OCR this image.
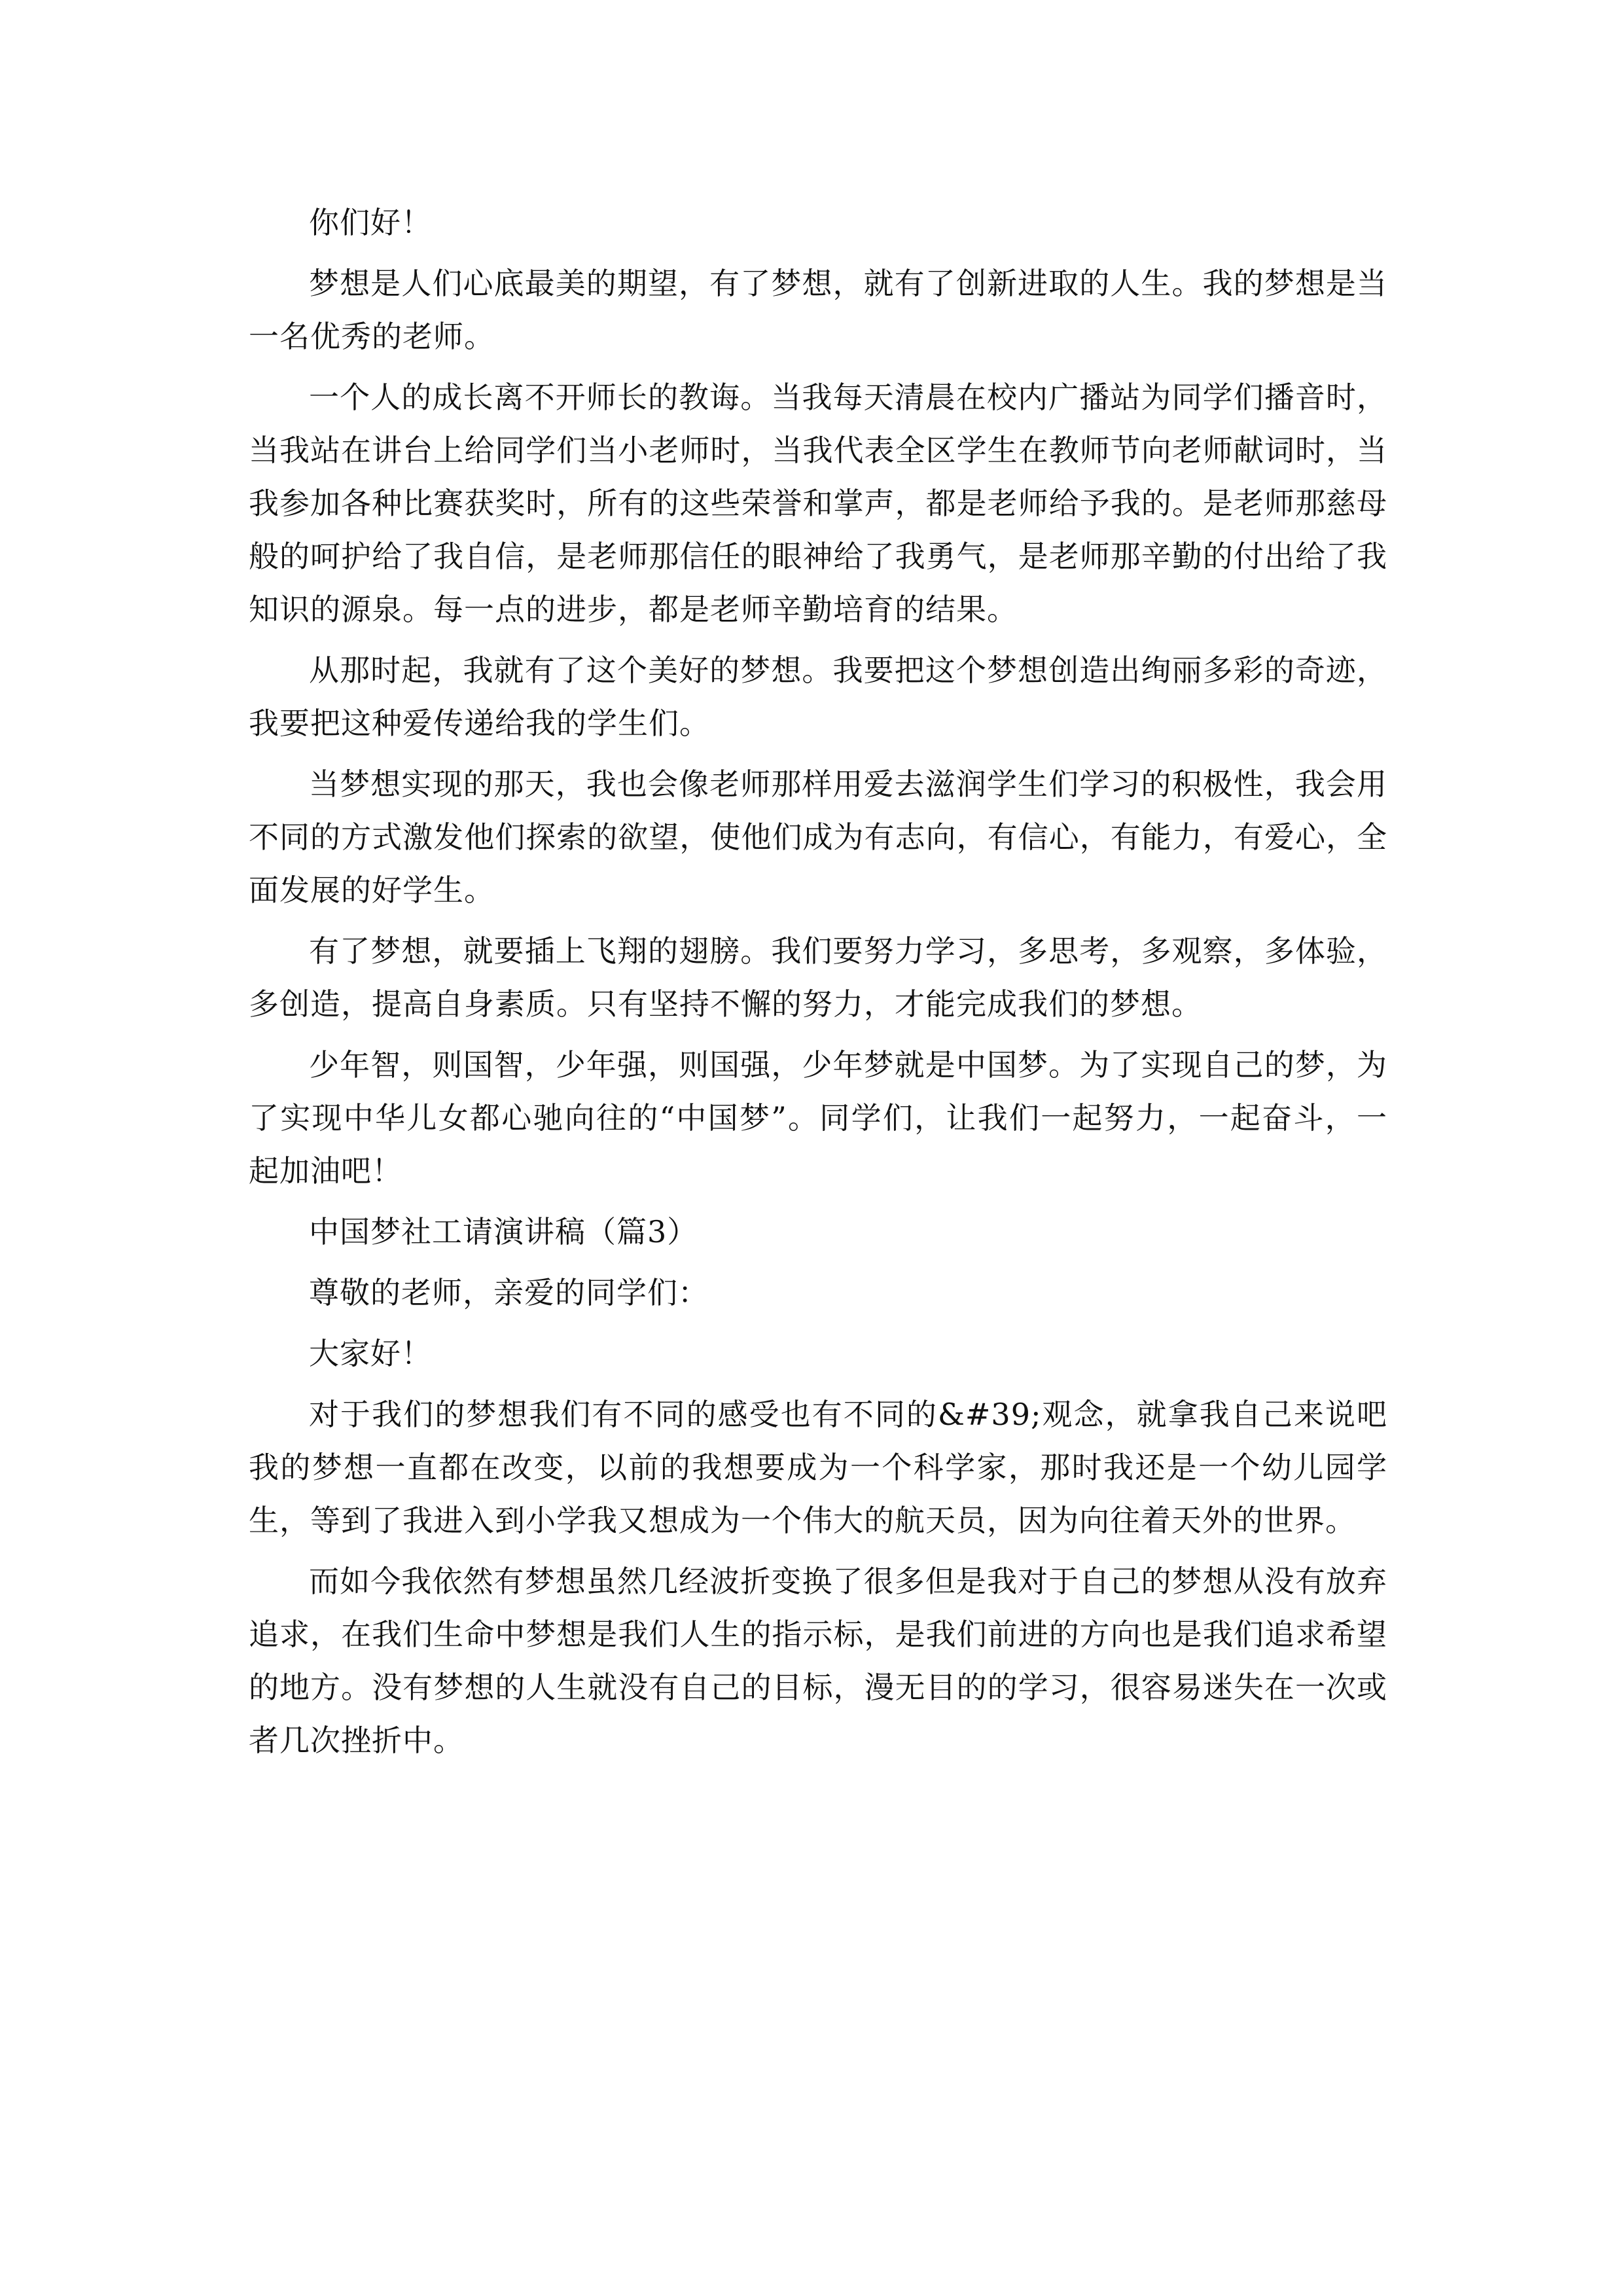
你们好！

梦想是人们心底最美的期望，有了梦想，就有了创新进取的人生。我的梦想是当一名优秀的老师。

一个人的成长离不开师长的教诲。当我每天清晨在校内广播站为同学们播音时，当我站在讲台上给同学们当小老师时，当我代表全区学生在教师节向老师献词时，当我参加各种比赛获奖时，所有的这些荣誉和掌声，都是老师给予我的。是老师那慈母般的呵护给了我自信，是老师那信任的眼神给了我勇气，是老师那辛勤的付出给了我知识的源泉。每一点的进步，都是老师辛勤培育的结果。

从那时起，我就有了这个美好的梦想。我要把这个梦想创造出绚丽多彩的奇迹，我要把这种爱传递给我的学生们。

当梦想实现的那天，我也会像老师那样用爱去滋润学生们学习的积极性，我会用不同的方式激发他们探索的欲望，使他们成为有志向，有信心，有能力，有爱心，全面发展的好学生。

有了梦想，就要插上飞翔的翅膀。我们要努力学习，多思考，多观察，多体验，多创造，提高自身素质。只有坚持不懈的努力，才能完成我们的梦想。

少年智，则国智，少年强，则国强，少年梦就是中国梦。为了实现自己的梦，为了实现中华儿女都心驰向往的“中国梦”。同学们，让我们一起努力，一起奋斗，一起加油吧！

中国梦社工请演讲稿（篇3）

尊敬的老师，亲爱的同学们：

大家好！

对于我们的梦想我们有不同的感受也有不同的&#39;观念，就拿我自己来说吧我的梦想一直都在改变，以前的我想要成为一个科学家，那时我还是一个幼儿园学生，等到了我进入到小学我又想成为一个伟大的航天员，因为向往着天外的世界。

而如今我依然有梦想虽然几经波折变换了很多但是我对于自己的梦想从没有放弃追求，在我们生命中梦想是我们人生的指示标，是我们前进的方向也是我们追求希望的地方。没有梦想的人生就没有自己的目标，漫无目的的学习，很容易迷失在一次或者几次挫折中。
